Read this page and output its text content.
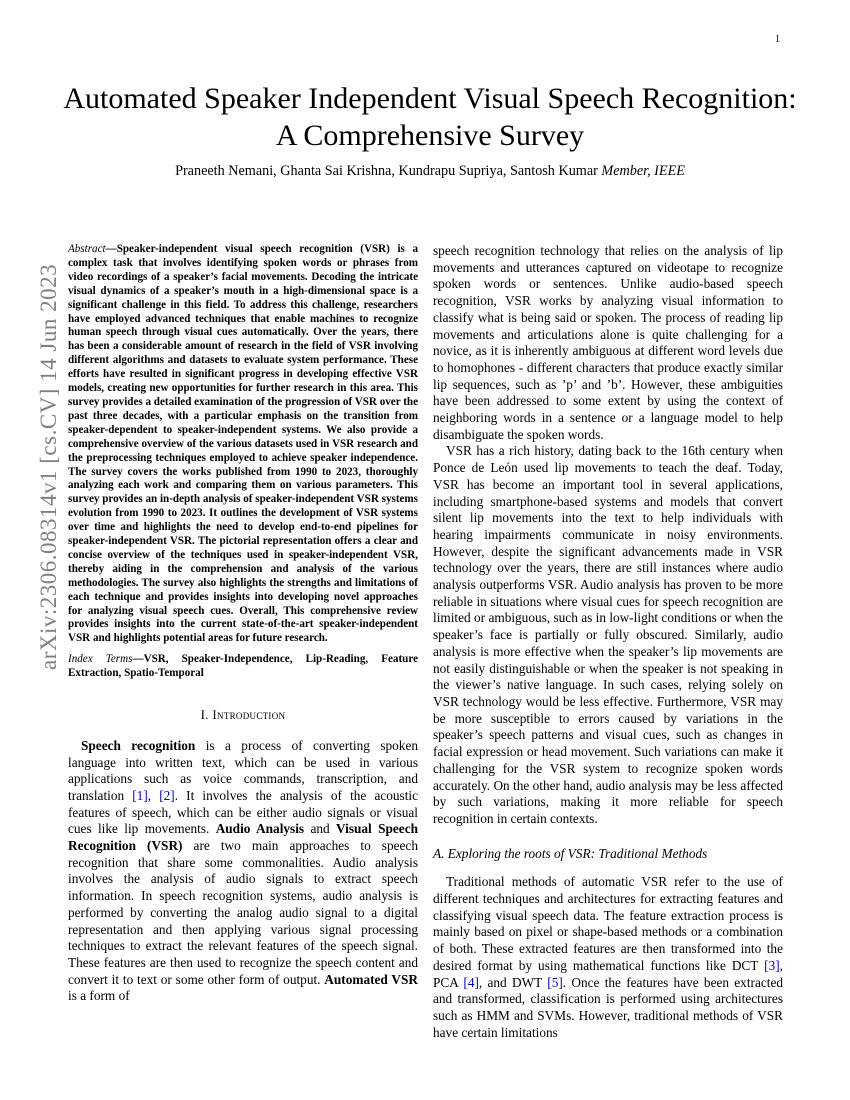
1
arXiv:2306.08314v1 [cs.CV] 14 Jun 2023
Automated Speaker Independent Visual Speech Recognition: A Comprehensive Survey
Praneeth Nemani, Ghanta Sai Krishna, Kundrapu Supriya, Santosh Kumar Member, IEEE
Abstract—Speaker-independent visual speech recognition (VSR) is a complex task that involves identifying spoken words or phrases from video recordings of a speaker’s facial movements. Decoding the intricate visual dynamics of a speaker’s mouth in a high-dimensional space is a significant challenge in this field. To address this challenge, researchers have employed advanced techniques that enable machines to recognize human speech through visual cues automatically. Over the years, there has been a considerable amount of research in the field of VSR involving different algorithms and datasets to evaluate system performance. These efforts have resulted in significant progress in developing effective VSR models, creating new opportunities for further research in this area. This survey provides a detailed examination of the progression of VSR over the past three decades, with a particular emphasis on the transition from speaker-dependent to speaker-independent systems. We also provide a comprehensive overview of the various datasets used in VSR research and the preprocessing techniques employed to achieve speaker independence. The survey covers the works published from 1990 to 2023, thoroughly analyzing each work and comparing them on various parameters. This survey provides an in-depth analysis of speaker-independent VSR systems evolution from 1990 to 2023. It outlines the development of VSR systems over time and highlights the need to develop end-to-end pipelines for speaker-independent VSR. The pictorial representation offers a clear and concise overview of the techniques used in speaker-independent VSR, thereby aiding in the comprehension and analysis of the various methodologies. The survey also highlights the strengths and limitations of each technique and provides insights into developing novel approaches for analyzing visual speech cues. Overall, This comprehensive review provides insights into the current state-of-the-art speaker-independent VSR and highlights potential areas for future research.
Index Terms—VSR, Speaker-Independence, Lip-Reading, Feature Extraction, Spatio-Temporal
I. Introduction

Speech recognition is a process of converting spoken language into written text, which can be used in various applications such as voice commands, transcription, and translation [1], [2]. It involves the analysis of the acoustic features of speech, which can be either audio signals or visual cues like lip movements. Audio Analysis and Visual Speech Recognition (VSR) are two main approaches to speech recognition that share some commonalities. Audio analysis involves the analysis of audio signals to extract speech information. In speech recognition systems, audio analysis is performed by converting the analog audio signal to a digital representation and then applying various signal processing techniques to extract the relevant features of the speech signal. These features are then used to recognize the speech content and convert it to text or some other form of output. Automated VSR is a form of

speech recognition technology that relies on the analysis of lip movements and utterances captured on videotape to recognize spoken words or sentences. Unlike audio-based speech recognition, VSR works by analyzing visual information to classify what is being said or spoken. The process of reading lip movements and articulations alone is quite challenging for a novice, as it is inherently ambiguous at different word levels due to homophones - different characters that produce exactly similar lip sequences, such as ’p’ and ’b’. However, these ambiguities have been addressed to some extent by using the context of neighboring words in a sentence or a language model to help disambiguate the spoken words.

VSR has a rich history, dating back to the 16th century when Ponce de León used lip movements to teach the deaf. Today, VSR has become an important tool in several applications, including smartphone-based systems and models that convert silent lip movements into the text to help individuals with hearing impairments communicate in noisy environments. However, despite the significant advancements made in VSR technology over the years, there are still instances where audio analysis outperforms VSR. Audio analysis has proven to be more reliable in situations where visual cues for speech recognition are limited or ambiguous, such as in low-light conditions or when the speaker’s face is partially or fully obscured. Similarly, audio analysis is more effective when the speaker’s lip movements are not easily distinguishable or when the speaker is not speaking in the viewer’s native language. In such cases, relying solely on VSR technology would be less effective. Furthermore, VSR may be more susceptible to errors caused by variations in the speaker’s speech patterns and visual cues, such as changes in facial expression or head movement. Such variations can make it challenging for the VSR system to recognize spoken words accurately. On the other hand, audio analysis may be less affected by such variations, making it more reliable for speech recognition in certain contexts.

A. Exploring the roots of VSR: Traditional Methods

Traditional methods of automatic VSR refer to the use of different techniques and architectures for extracting features and classifying visual speech data. The feature extraction process is mainly based on pixel or shape-based methods or a combination of both. These extracted features are then transformed into the desired format by using mathematical functions like DCT [3], PCA [4], and DWT [5]. Once the features have been extracted and transformed, classification is performed using architectures such as HMM and SVMs. However, traditional methods of VSR have certain limitations
